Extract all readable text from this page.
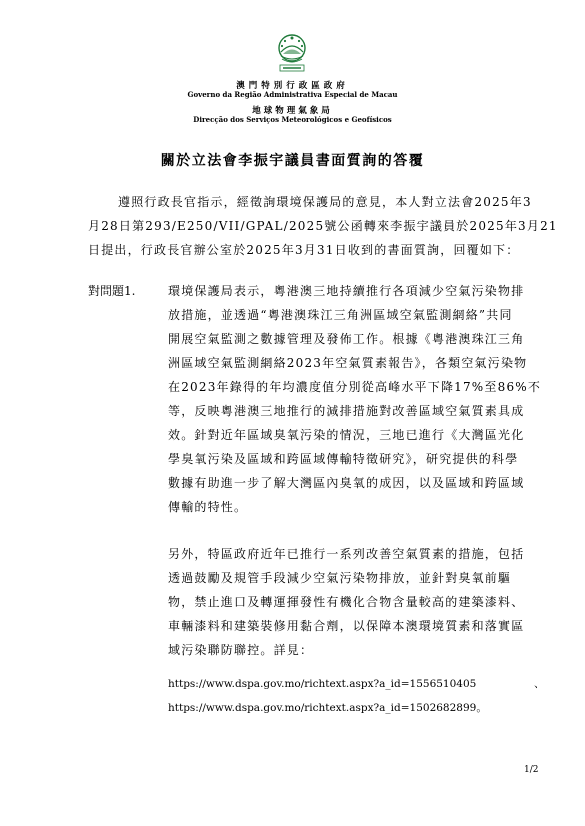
澳門特別行政區政府
Governo da Região Administrativa Especial de Macau
地球物理氣象局
Direcção dos Serviços Meteorológicos e Geofísicos
關於立法會李振宇議員書面質詢的答覆
遵照行政長官指示，經徵詢環境保護局的意見，本人對立法會2025年3
月28日第293/E250/VII/GPAL/2025號公函轉來李振宇議員於2025年3月21
日提出，行政長官辦公室於2025年3月31日收到的書面質詢，回覆如下：
對問題1.	環境保護局表示，粵港澳三地持續推行各項減少空氣污染物排
放措施，並透過“粵港澳珠江三角洲區域空氣監測網絡”共同
開展空氣監測之數據管理及發佈工作。根據《粵港澳珠江三角
洲區域空氣監測網絡2023年空氣質素報告》，各類空氣污染物
在2023年錄得的年均濃度值分別從高峰水平下降17%至86%不
等，反映粵港澳三地推行的減排措施對改善區域空氣質素具成
效。針對近年區域臭氧污染的情況，三地已進行《大灣區光化
學臭氧污染及區域和跨區域傳輸特徵研究》，研究提供的科學
數據有助進一步了解大灣區內臭氧的成因，以及區域和跨區域
傳輸的特性。
另外，特區政府近年已推行一系列改善空氣質素的措施，包括
透過鼓勵及規管手段減少空氣污染物排放，並針對臭氧前驅
物，禁止進口及轉運揮發性有機化合物含量較高的建築漆料、
車輛漆料和建築裝修用黏合劑，以保障本澳環境質素和落實區
域污染聯防聯控。詳見：
https://www.dspa.gov.mo/richtext.aspx?a_id=1556510405	、
https://www.dspa.gov.mo/richtext.aspx?a_id=1502682899。
1/2
